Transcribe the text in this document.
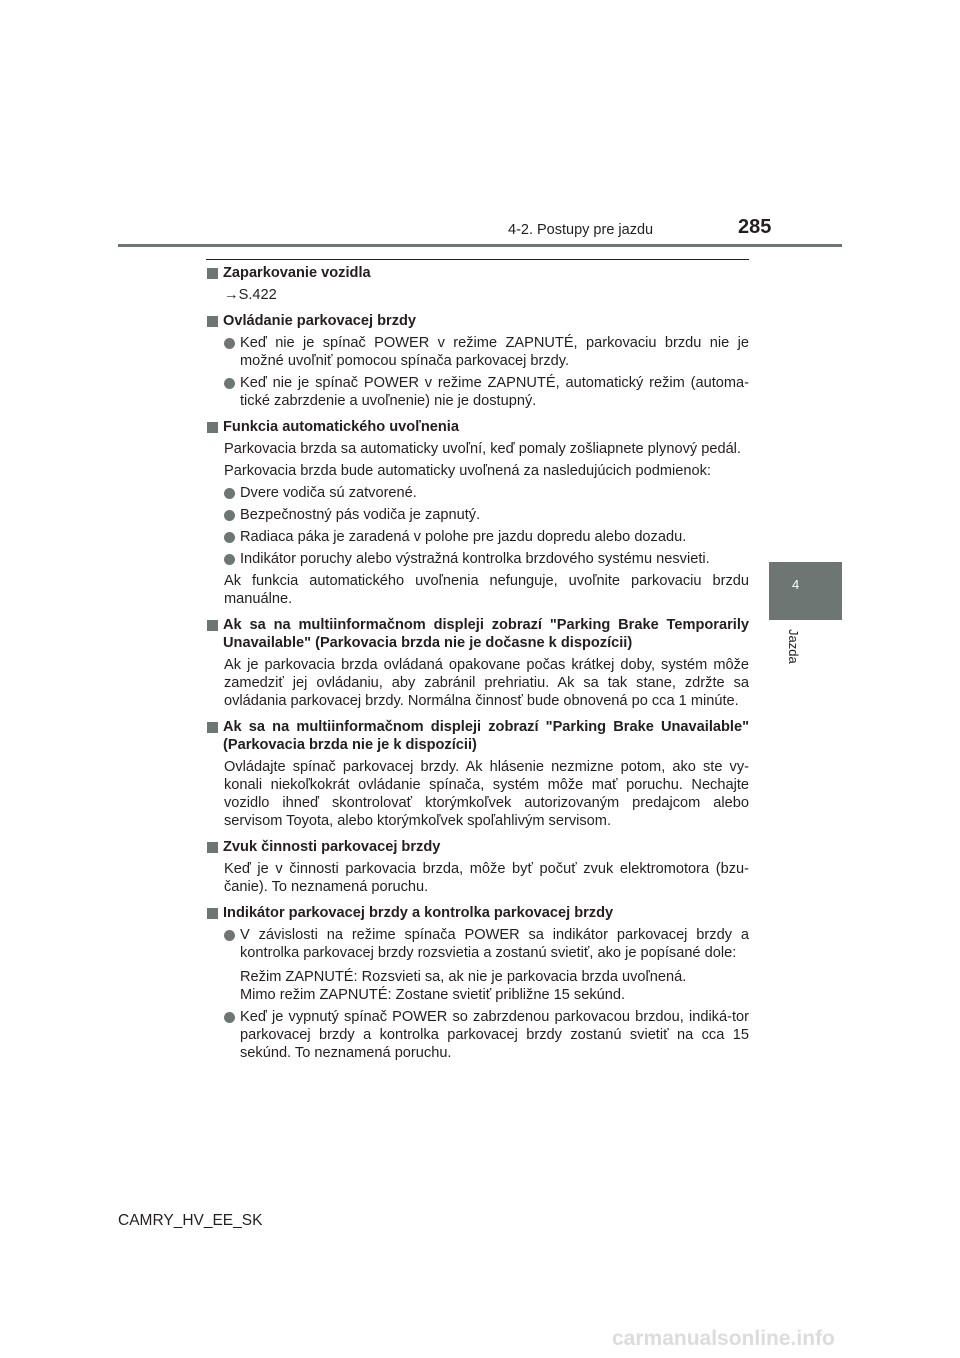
4-2. Postupy pre jazdu	285
4
Jazda
Zaparkovanie vozidla
→S.422
Ovládanie parkovacej brzdy
Keď nie je spínač POWER v režime ZAPNUTÉ, parkovaciu brzdu nie je možné uvoľniť pomocou spínača parkovacej brzdy.
Keď nie je spínač POWER v režime ZAPNUTÉ, automatický režim (automa-tické zabrzdenie a uvoľnenie) nie je dostupný.
Funkcia automatického uvoľnenia
Parkovacia brzda sa automaticky uvoľní, keď pomaly zošliapnete plynový pedál.
Parkovacia brzda bude automaticky uvoľnená za nasledujúcich podmienok:
Dvere vodiča sú zatvorené.
Bezpečnostný pás vodiča je zapnutý.
Radiaca páka je zaradená v polohe pre jazdu dopredu alebo dozadu.
Indikátor poruchy alebo výstražná kontrolka brzdového systému nesvieti.
Ak funkcia automatického uvoľnenia nefunguje, uvoľnite parkovaciu brzdu manuálne.
Ak sa na multiinformačnom displeji zobrazí "Parking Brake Temporarily Unavailable" (Parkovacia brzda nie je dočasne k dispozícii)
Ak je parkovacia brzda ovládaná opakovane počas krátkej doby, systém môže zamedziť jej ovládaniu, aby zabránil prehriatiu. Ak sa tak stane, zdržte sa ovládania parkovacej brzdy. Normálna činnosť bude obnovená po cca 1 minúte.
Ak sa na multiinformačnom displeji zobrazí "Parking Brake Unavailable" (Parkovacia brzda nie je k dispozícii)
Ovládajte spínač parkovacej brzdy. Ak hlásenie nezmizne potom, ako ste vy-konali niekoľkokrát ovládanie spínača, systém môže mať poruchu. Nechajte vozidlo ihneď skontrolovať ktorýmkoľvek autorizovaným predajcom alebo servisom Toyota, alebo ktorýmkoľvek spoľahlivým servisom.
Zvuk činnosti parkovacej brzdy
Keď je v činnosti parkovacia brzda, môže byť počuť zvuk elektromotora (bzu-čanie). To neznamená poruchu.
Indikátor parkovacej brzdy a kontrolka parkovacej brzdy
V závislosti na režime spínača POWER sa indikátor parkovacej brzdy a kontrolka parkovacej brzdy rozsvietia a zostanú svietiť, ako je popísané dole:
Režim ZAPNUTÉ: Rozsvieti sa, ak nie je parkovacia brzda uvoľnená.
Mimo režim ZAPNUTÉ: Zostane svietiť približne 15 sekúnd.
Keď je vypnutý spínač POWER so zabrzdenou parkovacou brzdou, indiká-tor parkovacej brzdy a kontrolka parkovacej brzdy zostanú svietiť na cca 15 sekúnd. To neznamená poruchu.
CAMRY_HV_EE_SK
carmanualsonline.info
